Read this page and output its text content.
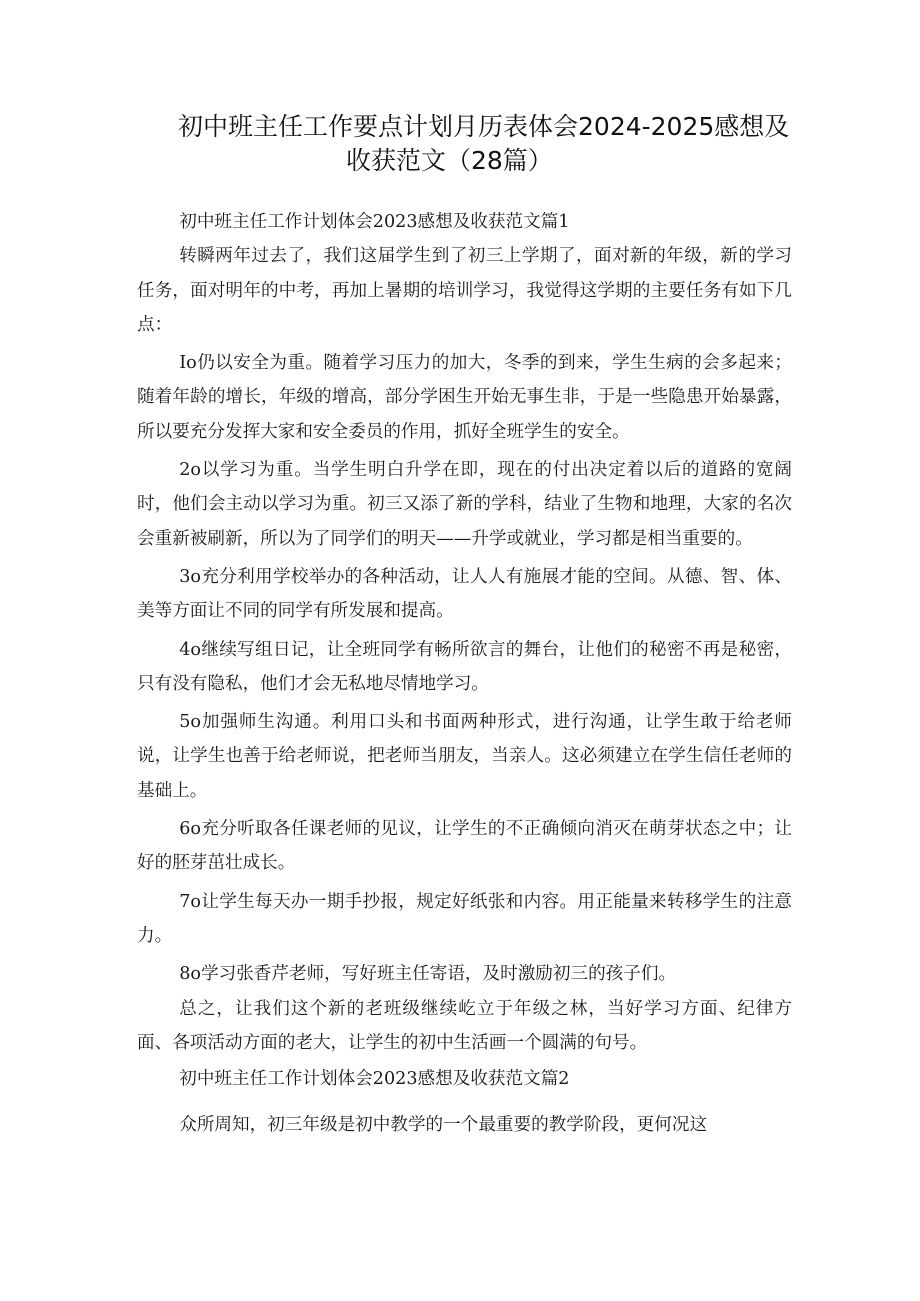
初中班主任工作要点计划月历表体会2024-2025感想及
收获范文（28篇）

初中班主任工作计划体会2023感想及收获范文篇1

转瞬两年过去了，我们这届学生到了初三上学期了，面对新的年级，新的学习任务，面对明年的中考，再加上暑期的培训学习，我觉得这学期的主要任务有如下几点：

Io仍以安全为重。随着学习压力的加大，冬季的到来，学生生病的会多起来；随着年龄的增长，年级的增高，部分学困生开始无事生非，于是一些隐患开始暴露，所以要充分发挥大家和安全委员的作用，抓好全班学生的安全。

2o以学习为重。当学生明白升学在即，现在的付出决定着以后的道路的宽阔时，他们会主动以学习为重。初三又添了新的学科，结业了生物和地理，大家的名次会重新被刷新，所以为了同学们的明天——升学或就业，学习都是相当重要的。

3o充分利用学校举办的各种活动，让人人有施展才能的空间。从德、智、体、美等方面让不同的同学有所发展和提高。

4o继续写组日记，让全班同学有畅所欲言的舞台，让他们的秘密不再是秘密，只有没有隐私，他们才会无私地尽情地学习。

5o加强师生沟通。利用口头和书面两种形式，进行沟通，让学生敢于给老师说，让学生也善于给老师说，把老师当朋友，当亲人。这必须建立在学生信任老师的基础上。

6o充分听取各任课老师的见议，让学生的不正确倾向消灭在萌芽状态之中；让好的胚芽茁壮成长。

7o让学生每天办一期手抄报，规定好纸张和内容。用正能量来转移学生的注意力。

8o学习张香芹老师，写好班主任寄语，及时激励初三的孩子们。

总之，让我们这个新的老班级继续屹立于年级之林，当好学习方面、纪律方面、各项活动方面的老大，让学生的初中生活画一个圆满的句号。

初中班主任工作计划体会2023感想及收获范文篇2

众所周知，初三年级是初中教学的一个最重要的教学阶段，更何况这
